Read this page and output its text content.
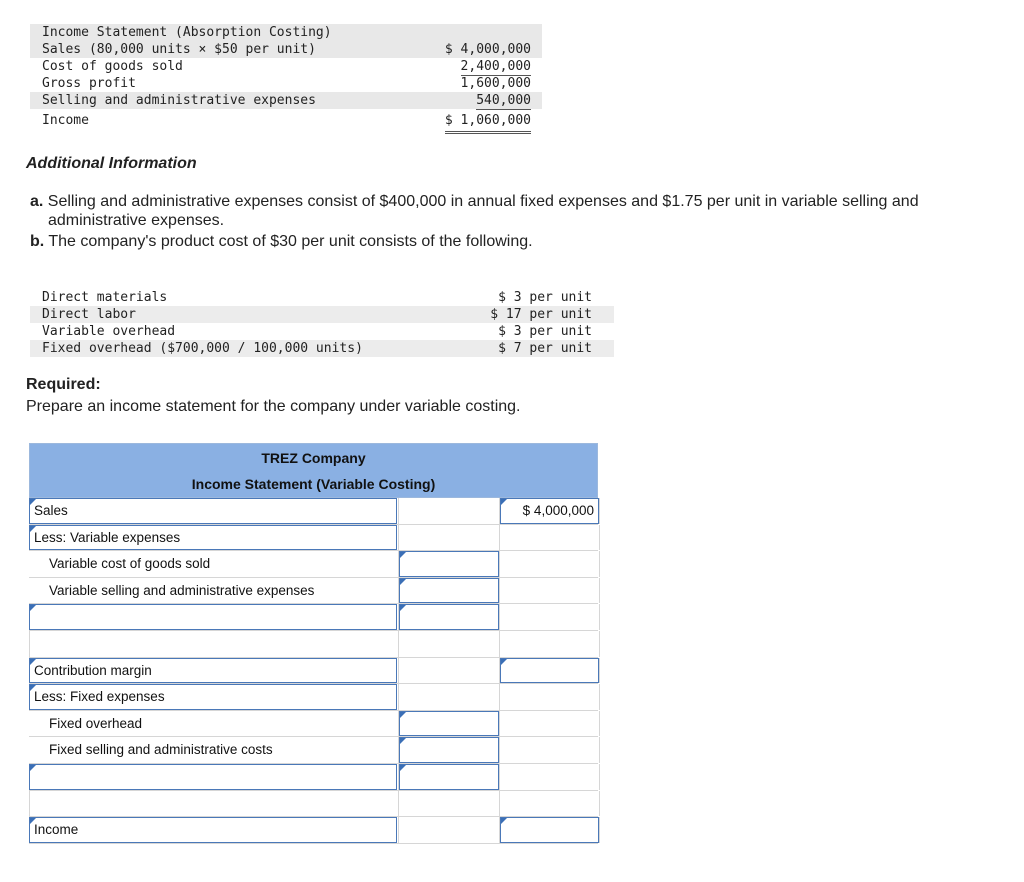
Income Statement (Absorption Costing)
Sales (80,000 units × $50 per unit)	$ 4,000,000
Cost of goods sold	2,400,000
Gross profit	1,600,000
Selling and administrative expenses	540,000
Income	$ 1,060,000
Additional Information
a. Selling and administrative expenses consist of $400,000 in annual fixed expenses and $1.75 per unit in variable selling and
administrative expenses.
b. The company's product cost of $30 per unit consists of the following.
Direct materials	$ 3 per unit
Direct labor	$ 17 per unit
Variable overhead	$ 3 per unit
Fixed overhead ($700,000 / 100,000 units)	$ 7 per unit
Required:
Prepare an income statement for the company under variable costing.
TREZ Company
Income Statement (Variable Costing)
Sales	$ 4,000,000
Less: Variable expenses
Variable cost of goods sold
Variable selling and administrative expenses
Contribution margin
Less: Fixed expenses
Fixed overhead
Fixed selling and administrative costs
Income
